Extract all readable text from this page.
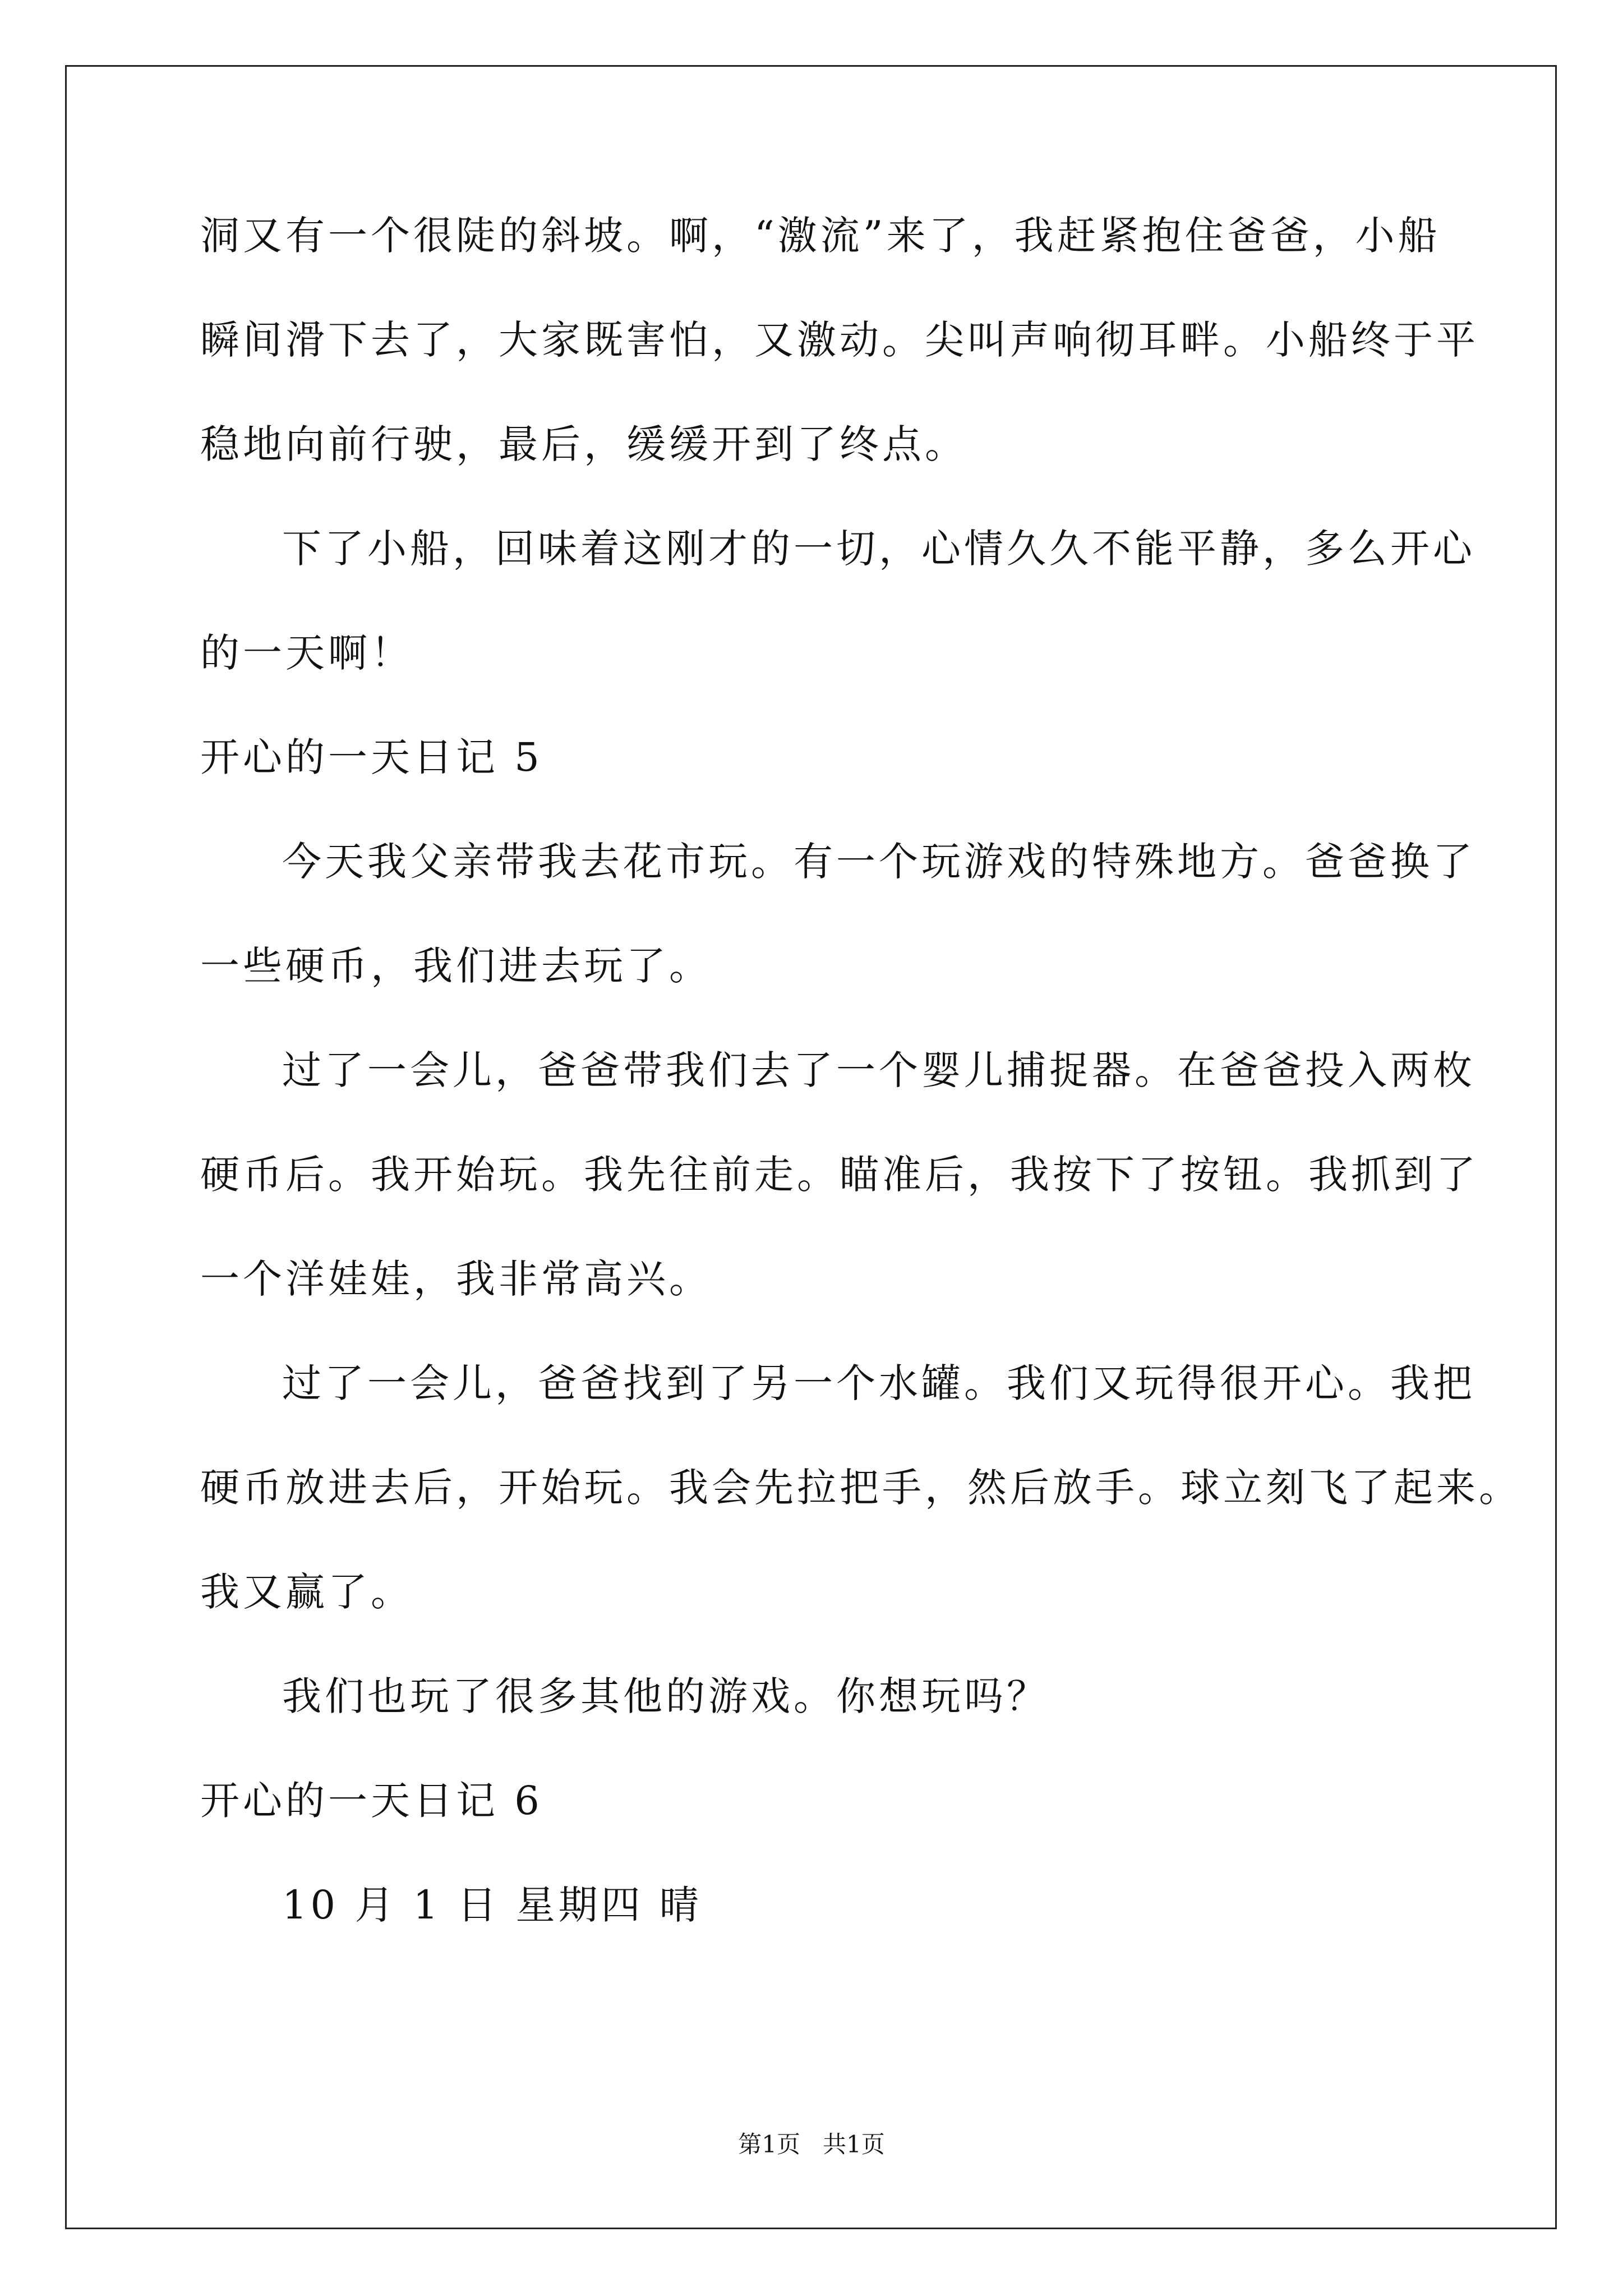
洞又有一个很陡的斜坡。啊，“激流”来了，我赶紧抱住爸爸，小船
瞬间滑下去了，大家既害怕，又激动。尖叫声响彻耳畔。小船终于平
稳地向前行驶，最后，缓缓开到了终点。
下了小船，回味着这刚才的一切，心情久久不能平静，多么开心
的一天啊！
开心的一天日记 5
今天我父亲带我去花市玩。有一个玩游戏的特殊地方。爸爸换了
一些硬币，我们进去玩了。
过了一会儿，爸爸带我们去了一个婴儿捕捉器。在爸爸投入两枚
硬币后。我开始玩。我先往前走。瞄准后，我按下了按钮。我抓到了
一个洋娃娃，我非常高兴。
过了一会儿，爸爸找到了另一个水罐。我们又玩得很开心。我把
硬币放进去后，开始玩。我会先拉把手，然后放手。球立刻飞了起来。
我又赢了。
我们也玩了很多其他的游戏。你想玩吗？
开心的一天日记 6
10 月 1 日 星期四 晴
第1页   共1页
